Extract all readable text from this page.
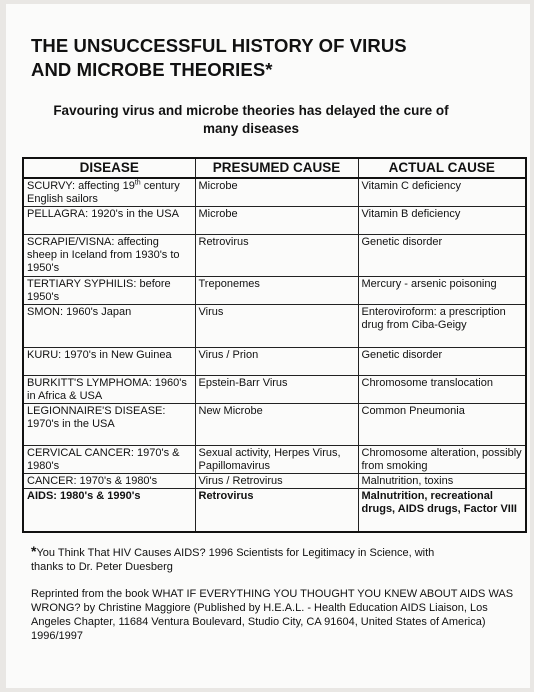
THE UNSUCCESSFUL HISTORY OF VIRUS
AND MICROBE THEORIES*
Favouring virus and microbe theories has delayed the cure of
many diseases
DISEASE	PRESUMED CAUSE	ACTUAL CAUSE
SCURVY: affecting 19th century English sailors	Microbe	Vitamin C deficiency
PELLAGRA: 1920's in the USA	Microbe	Vitamin B deficiency
SCRAPIE/VISNA: affecting sheep in Iceland from 1930's to 1950's	Retrovirus	Genetic disorder
TERTIARY SYPHILIS: before 1950's	Treponemes	Mercury - arsenic poisoning
SMON: 1960's Japan	Virus	Enteroviroform: a prescription drug from Ciba-Geigy
KURU: 1970's in New Guinea	Virus / Prion	Genetic disorder
BURKITT'S LYMPHOMA: 1960's in Africa & USA	Epstein-Barr Virus	Chromosome translocation
LEGIONNAIRE'S DISEASE: 1970's in the USA	New Microbe	Common Pneumonia
CERVICAL CANCER: 1970's & 1980's	Sexual activity, Herpes Virus, Papillomavirus	Chromosome alteration, possibly from smoking
CANCER: 1970's & 1980's	Virus / Retrovirus	Malnutrition, toxins
AIDS: 1980's & 1990's	Retrovirus	Malnutrition, recreational drugs, AIDS drugs, Factor VIII
*You Think That HIV Causes AIDS? 1996 Scientists for Legitimacy in Science, with thanks to Dr. Peter Duesberg
Reprinted from the book WHAT IF EVERYTHING YOU THOUGHT YOU KNEW ABOUT AIDS WAS WRONG? by Christine Maggiore (Published by H.E.A.L. - Health Education AIDS Liaison, Los Angeles Chapter, 11684 Ventura Boulevard, Studio City, CA 91604, United States of America) 1996/1997
